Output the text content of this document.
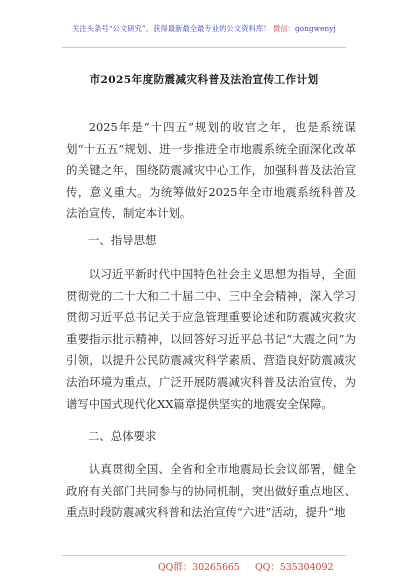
关注头条号“公文研究”，获得最新最全最专业的公文资料库！ 微信：gongwenyj
市2025年度防震减灾科普及法治宣传工作计划

2025年是“十四五”规划的收官之年，也是系统谋划“十五五”规划、进一步推进全市地震系统全面深化改革的关键之年，围绕防震减灾中心工作，加强科普及法治宣传，意义重大。为统筹做好2025年全市地震系统科普及法治宣传，制定本计划。

一、指导思想

以习近平新时代中国特色社会主义思想为指导，全面贯彻党的二十大和二十届二中、三中全会精神，深入学习贯彻习近平总书记关于应急管理重要论述和防震减灾救灾重要指示批示精神，以回答好习近平总书记“大震之问”为引领，以提升公民防震减灾科学素质、营造良好防震减灾法治环境为重点，广泛开展防震减灾科普及法治宣传，为谱写中国式现代化XX篇章提供坚实的地震安全保障。

二、总体要求

认真贯彻全国、全省和全市地震局长会议部署，健全政府有关部门共同参与的协同机制，突出做好重点地区、重点时段防震减灾科普和法治宣传“六进”活动，提升“地

QQ群：30265665 QQ：535304092
